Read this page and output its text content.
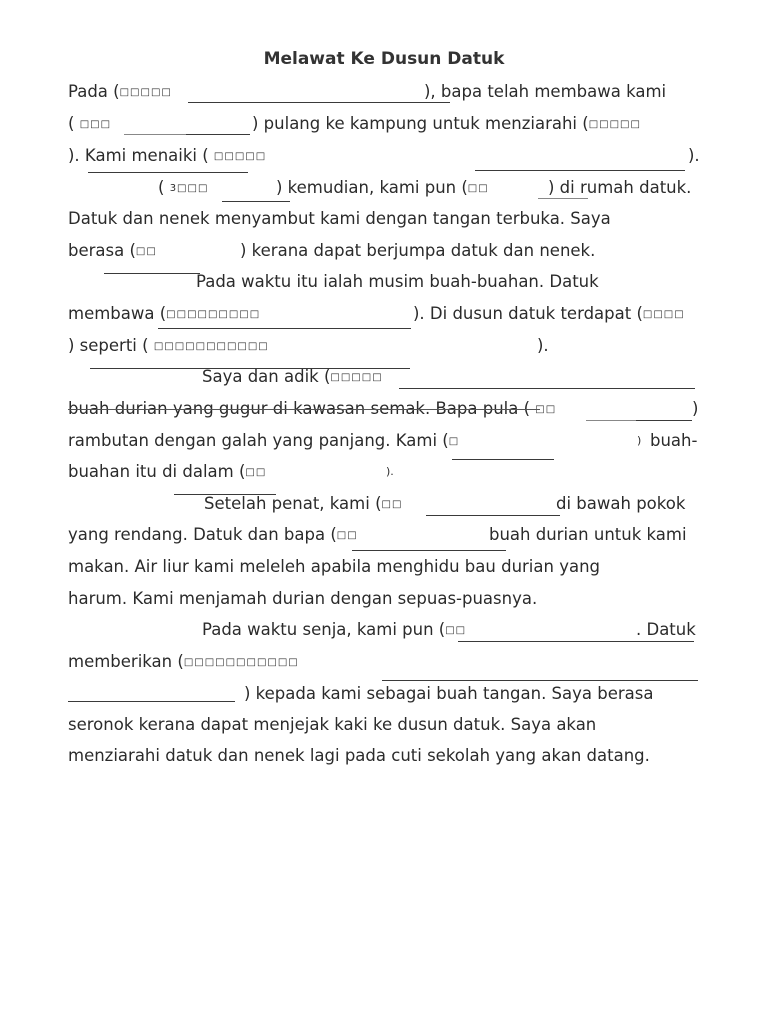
Melawat Ke Dusun Datuk
Pada (□□□□□	), bapa telah membawa kami
( □□□	) pulang ke kampung untuk menziarahi (□□□□□
). Kami menaiki ( □□□□□	).
( 3□□□	) kemudian, kami pun (□□	) di rumah datuk.
Datuk dan nenek menyambut kami dengan tangan terbuka. Saya
berasa (□□	) kerana dapat berjumpa datuk dan nenek.
Pada waktu itu ialah musim buah-buahan. Datuk
membawa (□□□□□□□□□	). Di dusun datuk terdapat (□□□□
) seperti ( □□□□□□□□□□□	).
Saya dan adik (□□□□□
buah durian yang gugur di kawasan semak. Bapa pula ( □□	)
rambutan dengan galah yang panjang. Kami (□	) buah-
buahan itu di dalam (□□	).
Setelah penat, kami (□□	di bawah pokok
yang rendang. Datuk dan bapa (□□	buah durian untuk kami
makan. Air liur kami meleleh apabila menghidu bau durian yang
harum. Kami menjamah durian dengan sepuas-puasnya.
Pada waktu senja, kami pun (□□	. Datuk
memberikan (□□□□□□□□□□□
) kepada kami sebagai buah tangan. Saya berasa
seronok kerana dapat menjejak kaki ke dusun datuk. Saya akan
menziarahi datuk dan nenek lagi pada cuti sekolah yang akan datang.
